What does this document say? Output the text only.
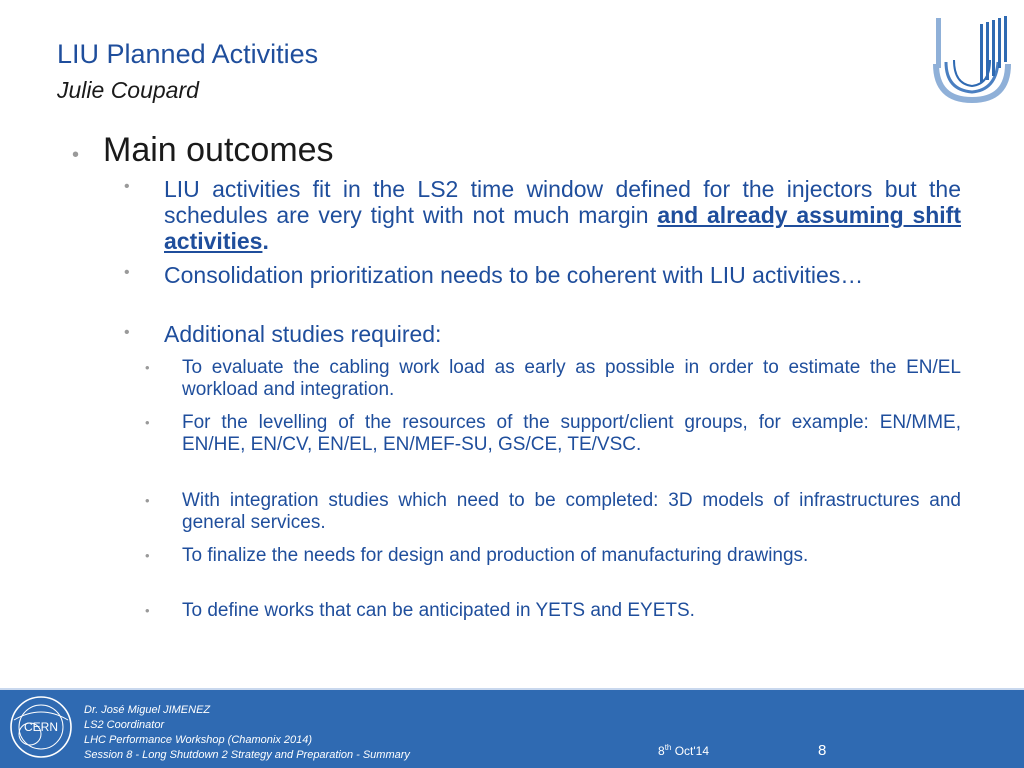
LIU Planned Activities
Julie Coupard
• Main outcomes
• LIU activities fit in the LS2 time window defined for the injectors but the schedules are very tight with not much margin and already assuming shift activities.
• Consolidation prioritization needs to be coherent with LIU activities…
• Additional studies required:
• To evaluate the cabling work load as early as possible in order to estimate the EN/EL workload and integration.
• For the levelling of the resources of the support/client groups, for example: EN/MME, EN/HE, EN/CV, EN/EL, EN/MEF-SU, GS/CE, TE/VSC.
• With integration studies which need to be completed: 3D models of infrastructures and general services.
• To finalize the needs for design and production of manufacturing drawings.
• To define works that can be anticipated in YETS and EYETS.
CERN
Dr. José Miguel JIMENEZ
LS2 Coordinator
LHC Performance Workshop (Chamonix 2014)
Session 8 - Long Shutdown 2 Strategy and Preparation - Summary	8th Oct'14	8
